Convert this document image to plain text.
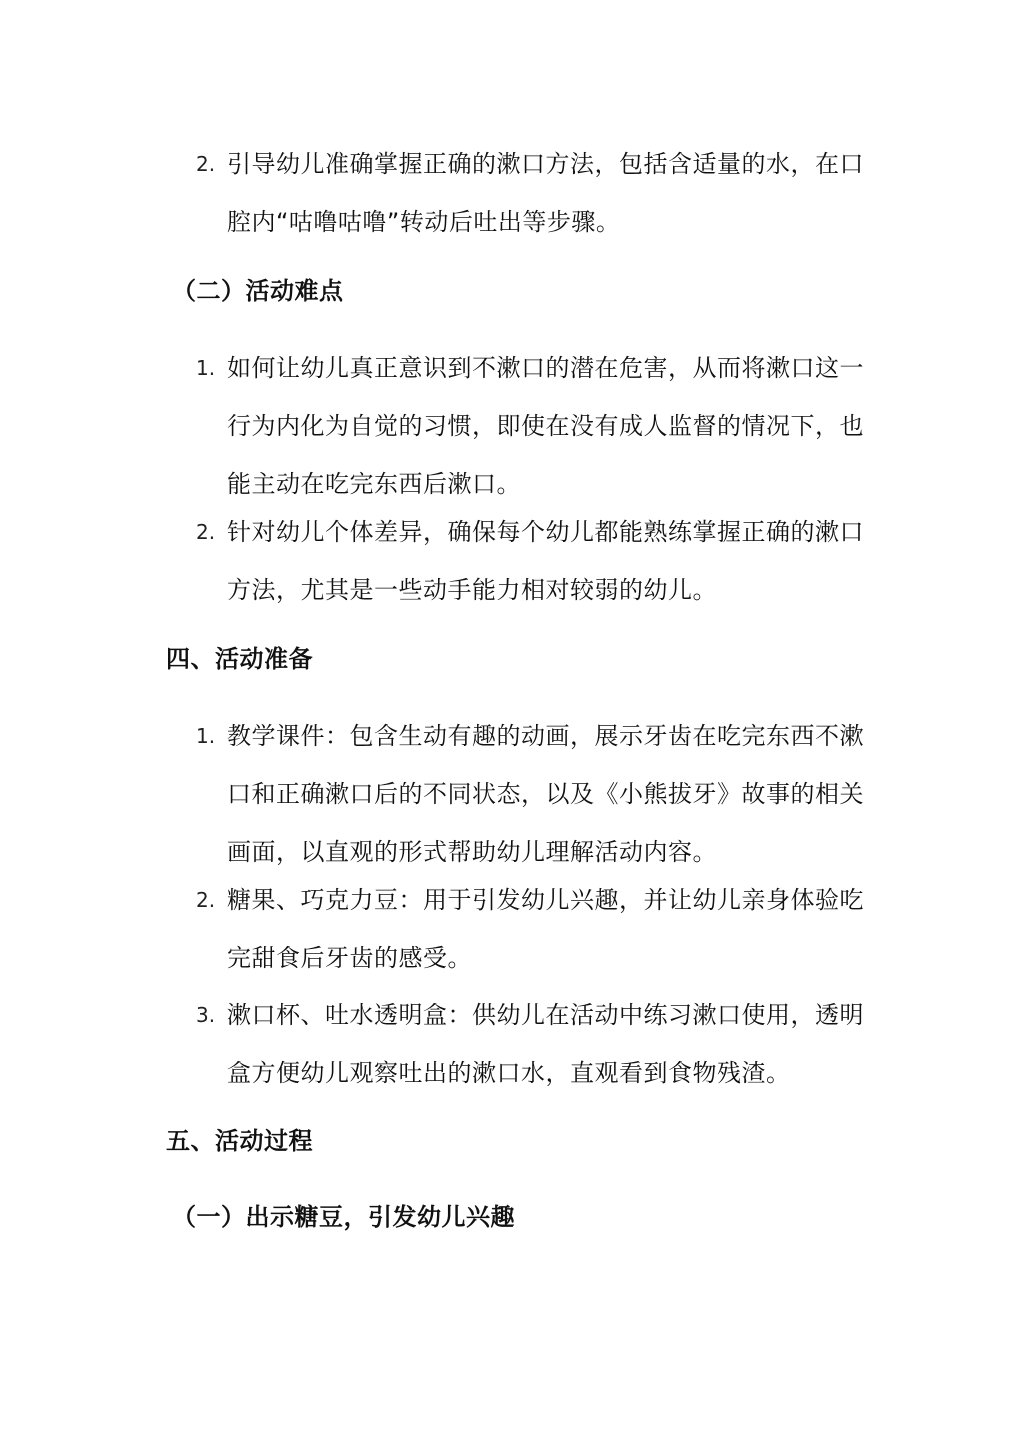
2. 引导幼儿准确掌握正确的漱口方法，包括含适量的水，在口腔内“咕噜咕噜”转动后吐出等步骤。
（二）活动难点
1. 如何让幼儿真正意识到不漱口的潜在危害，从而将漱口这一行为内化为自觉的习惯，即使在没有成人监督的情况下，也能主动在吃完东西后漱口。
2. 针对幼儿个体差异，确保每个幼儿都能熟练掌握正确的漱口方法，尤其是一些动手能力相对较弱的幼儿。
四、活动准备
1. 教学课件：包含生动有趣的动画，展示牙齿在吃完东西不漱口和正确漱口后的不同状态，以及《小熊拔牙》故事的相关画面，以直观的形式帮助幼儿理解活动内容。
2. 糖果、巧克力豆：用于引发幼儿兴趣，并让幼儿亲身体验吃完甜食后牙齿的感受。
3. 漱口杯、吐水透明盒：供幼儿在活动中练习漱口使用，透明盒方便幼儿观察吐出的漱口水，直观看到食物残渣。
五、活动过程
（一）出示糖豆，引发幼儿兴趣
